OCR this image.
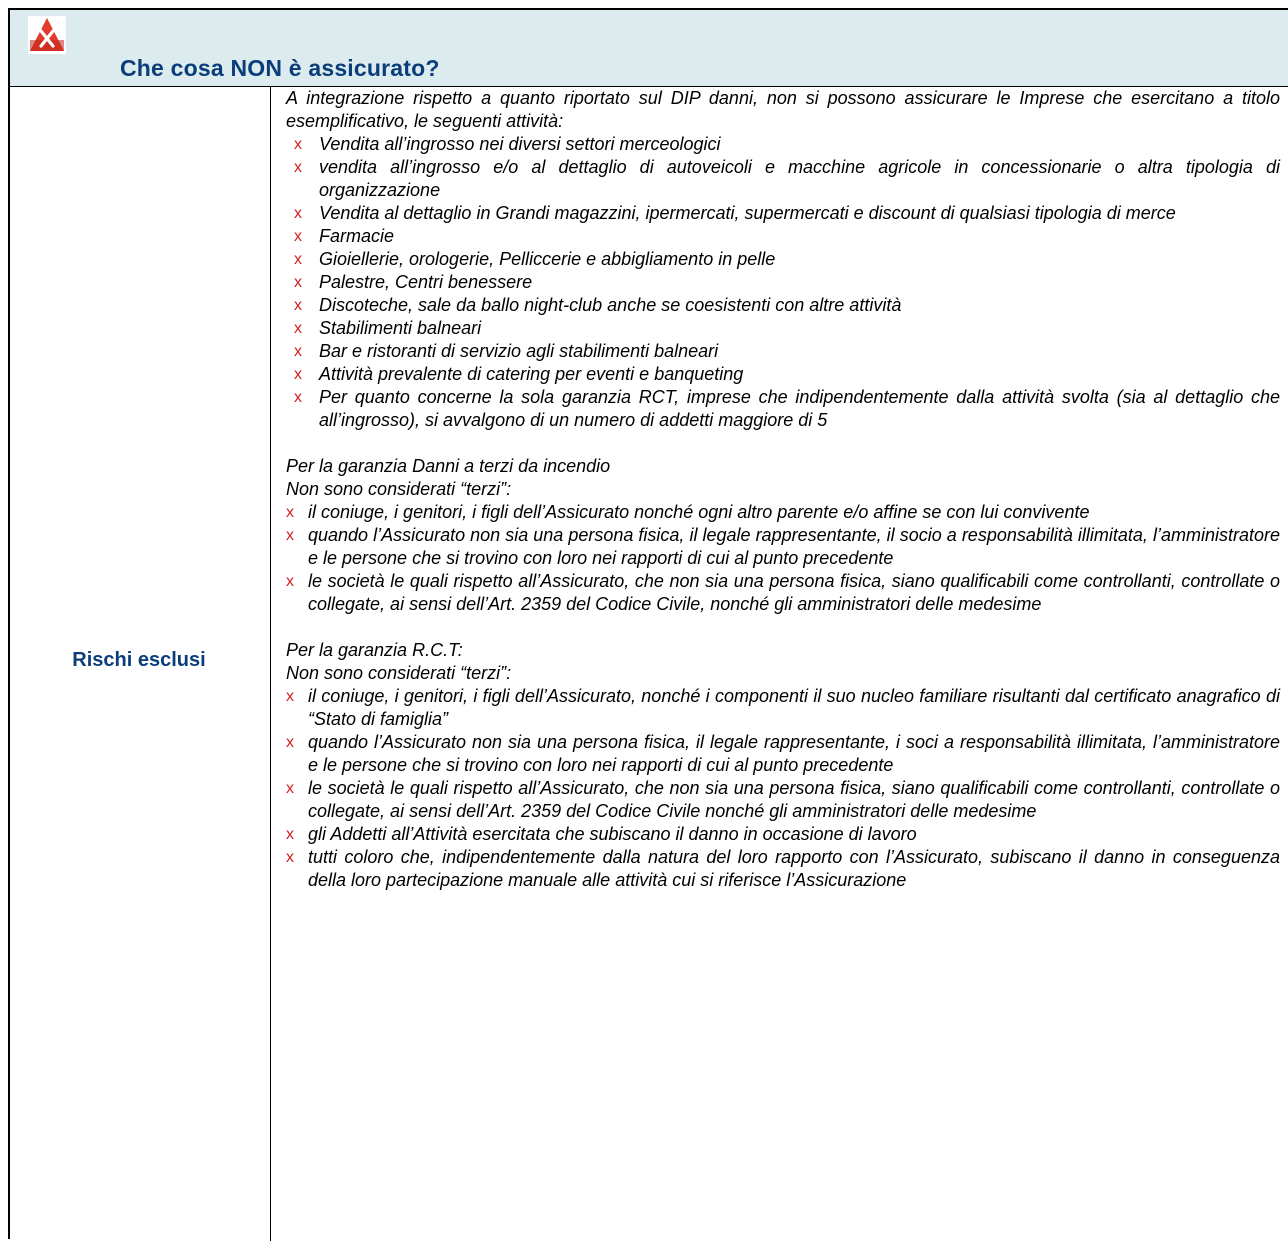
Che cosa NON è assicurato?
Rischi esclusi

A integrazione rispetto a quanto riportato sul DIP danni, non si possono assicurare le Imprese che esercitano a titolo esemplificativo, le seguenti attività:

x Vendita all’ingrosso nei diversi settori merceologici
x vendita all’ingrosso e/o al dettaglio di autoveicoli e macchine agricole in concessionarie o altra tipologia di organizzazione
x Vendita al dettaglio in Grandi magazzini, ipermercati, supermercati e discount di qualsiasi tipologia di merce
x Farmacie
x Gioiellerie, orologerie, Pelliccerie e abbigliamento in pelle
x Palestre, Centri benessere
x Discoteche, sale da ballo night-club anche se coesistenti con altre attività
x Stabilimenti balneari
x Bar e ristoranti di servizio agli stabilimenti balneari
x Attività prevalente di catering per eventi e banqueting
x Per quanto concerne la sola garanzia RCT, imprese che indipendentemente dalla attività svolta (sia al dettaglio che all’ingrosso), si avvalgono di un numero di addetti maggiore di 5

Per la garanzia Danni a terzi da incendio

Non sono considerati “terzi”:

x il coniuge, i genitori, i figli dell’Assicurato nonché ogni altro parente e/o affine se con lui convivente
x quando l’Assicurato non sia una persona fisica, il legale rappresentante, il socio a responsabilità illimitata, l’amministratore e le persone che si trovino con loro nei rapporti di cui al punto precedente
x le società le quali rispetto all’Assicurato, che non sia una persona fisica, siano qualificabili come controllanti, controllate o collegate, ai sensi dell’Art. 2359 del Codice Civile, nonché gli amministratori delle medesime

Per la garanzia R.C.T:

Non sono considerati “terzi”:

x il coniuge, i genitori, i figli dell’Assicurato, nonché i componenti il suo nucleo familiare risultanti dal certificato anagrafico di “Stato di famiglia”
x quando l’Assicurato non sia una persona fisica, il legale rappresentante, i soci a responsabilità illimitata, l’amministratore e le persone che si trovino con loro nei rapporti di cui al punto precedente
x le società le quali rispetto all’Assicurato, che non sia una persona fisica, siano qualificabili come controllanti, controllate o collegate, ai sensi dell’Art. 2359 del Codice Civile nonché gli amministratori delle medesime
x gli Addetti all’Attività esercitata che subiscano il danno in occasione di lavoro
x tutti coloro che, indipendentemente dalla natura del loro rapporto con l’Assicurato, subiscano il danno in conseguenza della loro partecipazione manuale alle attività cui si riferisce l’Assicurazione
